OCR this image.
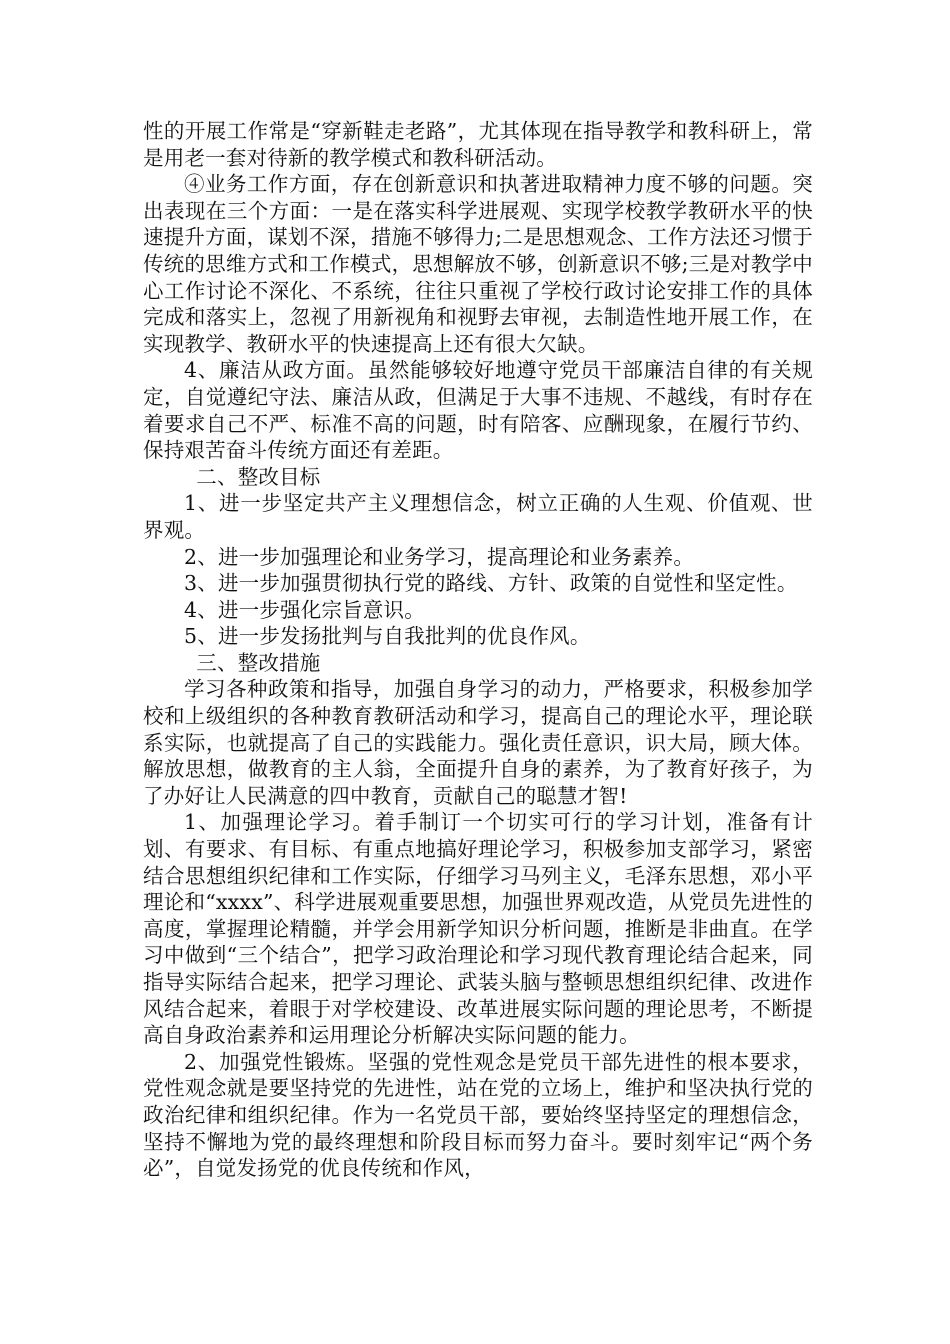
性的开展工作常是“穿新鞋走老路”，尤其体现在指导教学和教科研上，常是用老一套对待新的教学模式和教科研活动。

④业务工作方面，存在创新意识和执著进取精神力度不够的问题。突出表现在三个方面：一是在落实科学进展观、实现学校教学教研水平的快速提升方面，谋划不深，措施不够得力;二是思想观念、工作方法还习惯于传统的思维方式和工作模式，思想解放不够，创新意识不够;三是对教学中心工作讨论不深化、不系统，往往只重视了学校行政讨论安排工作的具体完成和落实上，忽视了用新视角和视野去审视，去制造性地开展工作，在实现教学、教研水平的快速提高上还有很大欠缺。

4、廉洁从政方面。虽然能够较好地遵守党员干部廉洁自律的有关规定，自觉遵纪守法、廉洁从政，但满足于大事不违规、不越线，有时存在着要求自己不严、标准不高的问题，时有陪客、应酬现象，在履行节约、保持艰苦奋斗传统方面还有差距。

二、整改目标

1、进一步坚定共产主义理想信念，树立正确的人生观、价值观、世界观。

2、进一步加强理论和业务学习，提高理论和业务素养。

3、进一步加强贯彻执行党的路线、方针、政策的自觉性和坚定性。

4、进一步强化宗旨意识。

5、进一步发扬批判与自我批判的优良作风。

三、整改措施

学习各种政策和指导，加强自身学习的动力，严格要求，积极参加学校和上级组织的各种教育教研活动和学习，提高自己的理论水平，理论联系实际，也就提高了自己的实践能力。强化责任意识，识大局，顾大体。解放思想，做教育的主人翁，全面提升自身的素养，为了教育好孩子，为了办好让人民满意的四中教育，贡献自己的聪慧才智!

1、加强理论学习。着手制订一个切实可行的学习计划，准备有计划、有要求、有目标、有重点地搞好理论学习，积极参加支部学习，紧密结合思想组织纪律和工作实际，仔细学习马列主义，毛泽东思想，邓小平理论和“xxxx”、科学进展观重要思想，加强世界观改造，从党员先进性的高度，掌握理论精髓，并学会用新学知识分析问题，推断是非曲直。在学习中做到“三个结合”，把学习政治理论和学习现代教育理论结合起来，同指导实际结合起来，把学习理论、武装头脑与整顿思想组织纪律、改进作风结合起来，着眼于对学校建设、改革进展实际问题的理论思考，不断提高自身政治素养和运用理论分析解决实际问题的能力。

2、加强党性锻炼。坚强的党性观念是党员干部先进性的根本要求，党性观念就是要坚持党的先进性，站在党的立场上，维护和坚决执行党的政治纪律和组织纪律。作为一名党员干部，要始终坚持坚定的理想信念，坚持不懈地为党的最终理想和阶段目标而努力奋斗。要时刻牢记“两个务必”，自觉发扬党的优良传统和作风，
